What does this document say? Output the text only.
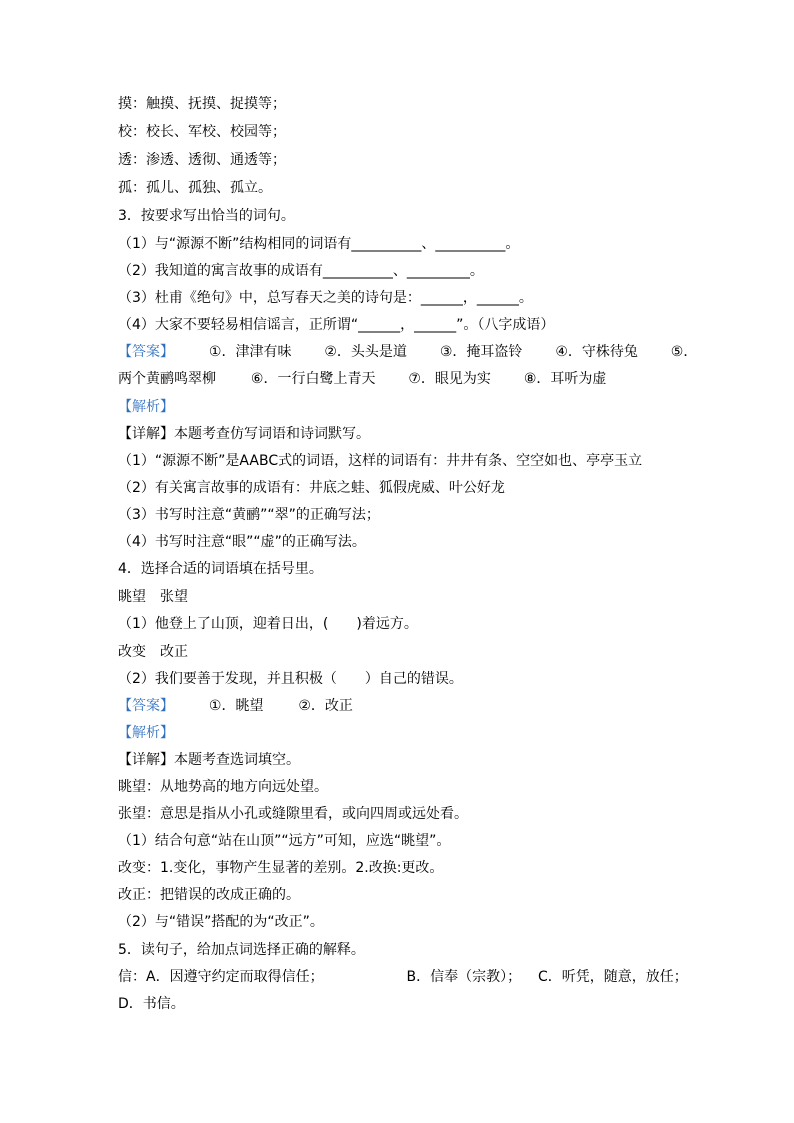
摸：触摸、抚摸、捉摸等；
校：校长、军校、校园等；
透：渗透、透彻、通透等；
孤：孤儿、孤独、孤立。
3．按要求写出恰当的词句。
（1）与“源源不断”结构相同的词语有__________、__________。
（2）我知道的寓言故事的成语有__________、_________。
（3）杜甫《绝句》中，总写春天之美的诗句是：______，______。
（4）大家不要轻易相信谣言，正所谓“______，______”。（八字成语）
【答案】 ①．津津有味 ②．头头是道 ③．掩耳盗铃 ④．守株待兔 ⑤．
两个黄鹂鸣翠柳 ⑥．一行白鹭上青天 ⑦．眼见为实 ⑧．耳听为虚
【解析】
【详解】本题考查仿写词语和诗词默写。
（1）“源源不断”是AABC式的词语，这样的词语有：井井有条、空空如也、亭亭玉立
（2）有关寓言故事的成语有：井底之蛙、狐假虎威、叶公好龙
（3）书写时注意“黄鹂”“翠”的正确写法；
（4）书写时注意“眼”“虚”的正确写法。
4．选择合适的词语填在括号里。
眺望　张望
（1）他登上了山顶，迎着日出，(　　)着远方。
改变　改正
（2）我们要善于发现，并且积极（　　）自己的错误。
【答案】 ①．眺望 ②．改正
【解析】
【详解】本题考查选词填空。
眺望：从地势高的地方向远处望。
张望：意思是指从小孔或缝隙里看，或向四周或远处看。
（1）结合句意“站在山顶”“远方”可知，应选“眺望”。
改变：1.变化，事物产生显著的差别。2.改换:更改。
改正：把错误的改成正确的。
（2）与“错误”搭配的为“改正”。
5．读句子，给加点词选择正确的解释。
信：A．因遵守约定而取得信任；	B．信奉（宗教）； C．听凭，随意，放任；
D．书信。
